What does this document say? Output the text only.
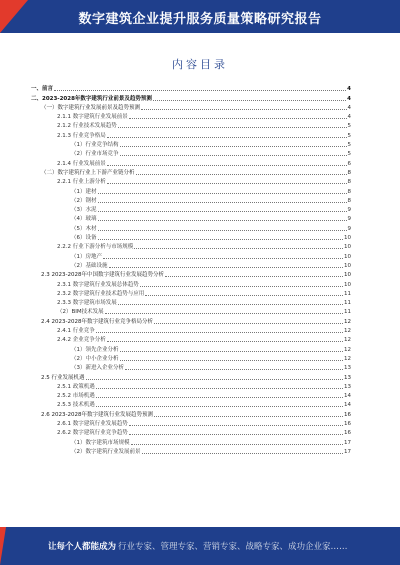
数字建筑企业提升服务质量策略研究报告
内容目录
一、前言	4
二、2023-2028年数字建筑行业前景及趋势预测	4
（一）数字建筑行业发展前景及趋势预测	4
2.1.1 数字建筑行业发展前景	4
2.1.2 行业技术发展趋势	5
2.1.3 行业竞争格局	5
（1）行业竞争结构	5
（2）行业市场竞争	5
2.1.4 行业发展前景	6
（二）数字建筑行业上下游产业链分析	8
2.2.1 行业上游分析	8
（1）建材	8
（2）钢材	8
（3）水泥	9
（4）玻璃	9
（5）木材	9
（6）设备	10
2.2.2 行业下游分析与市场规模	10
（1）房地产	10
（2）基础设施	10
2.3 2023-2028年中国数字建筑行业发展趋势分析	10
2.3.1 数字建筑行业发展总体趋势	10
2.3.2 数字建筑行业技术趋势与应用	11
2.3.3 数字建筑市场发展	11
（2）BIM技术发展	11
2.4 2023-2028年数字建筑行业竞争格局分析	12
2.4.1 行业竞争	12
2.4.2 企业竞争分析	12
（1）领先企业分析	12
（2）中小企业分析	12
（3）新进入企业分析	13
2.5 行业发展机遇	13
2.5.1 政策机遇	13
2.5.2 市场机遇	14
2.5.3 技术机遇	14
2.6 2023-2028年数字建筑行业发展趋势预测	16
2.6.1 数字建筑行业发展趋势	16
2.6.2 数字建筑行业竞争趋势	16
（1）数字建筑市场规模	17
（2）数字建筑行业发展前景	17
让每个人都能成为 行业专家、管理专家、营销专家、战略专家、成功企业家……
